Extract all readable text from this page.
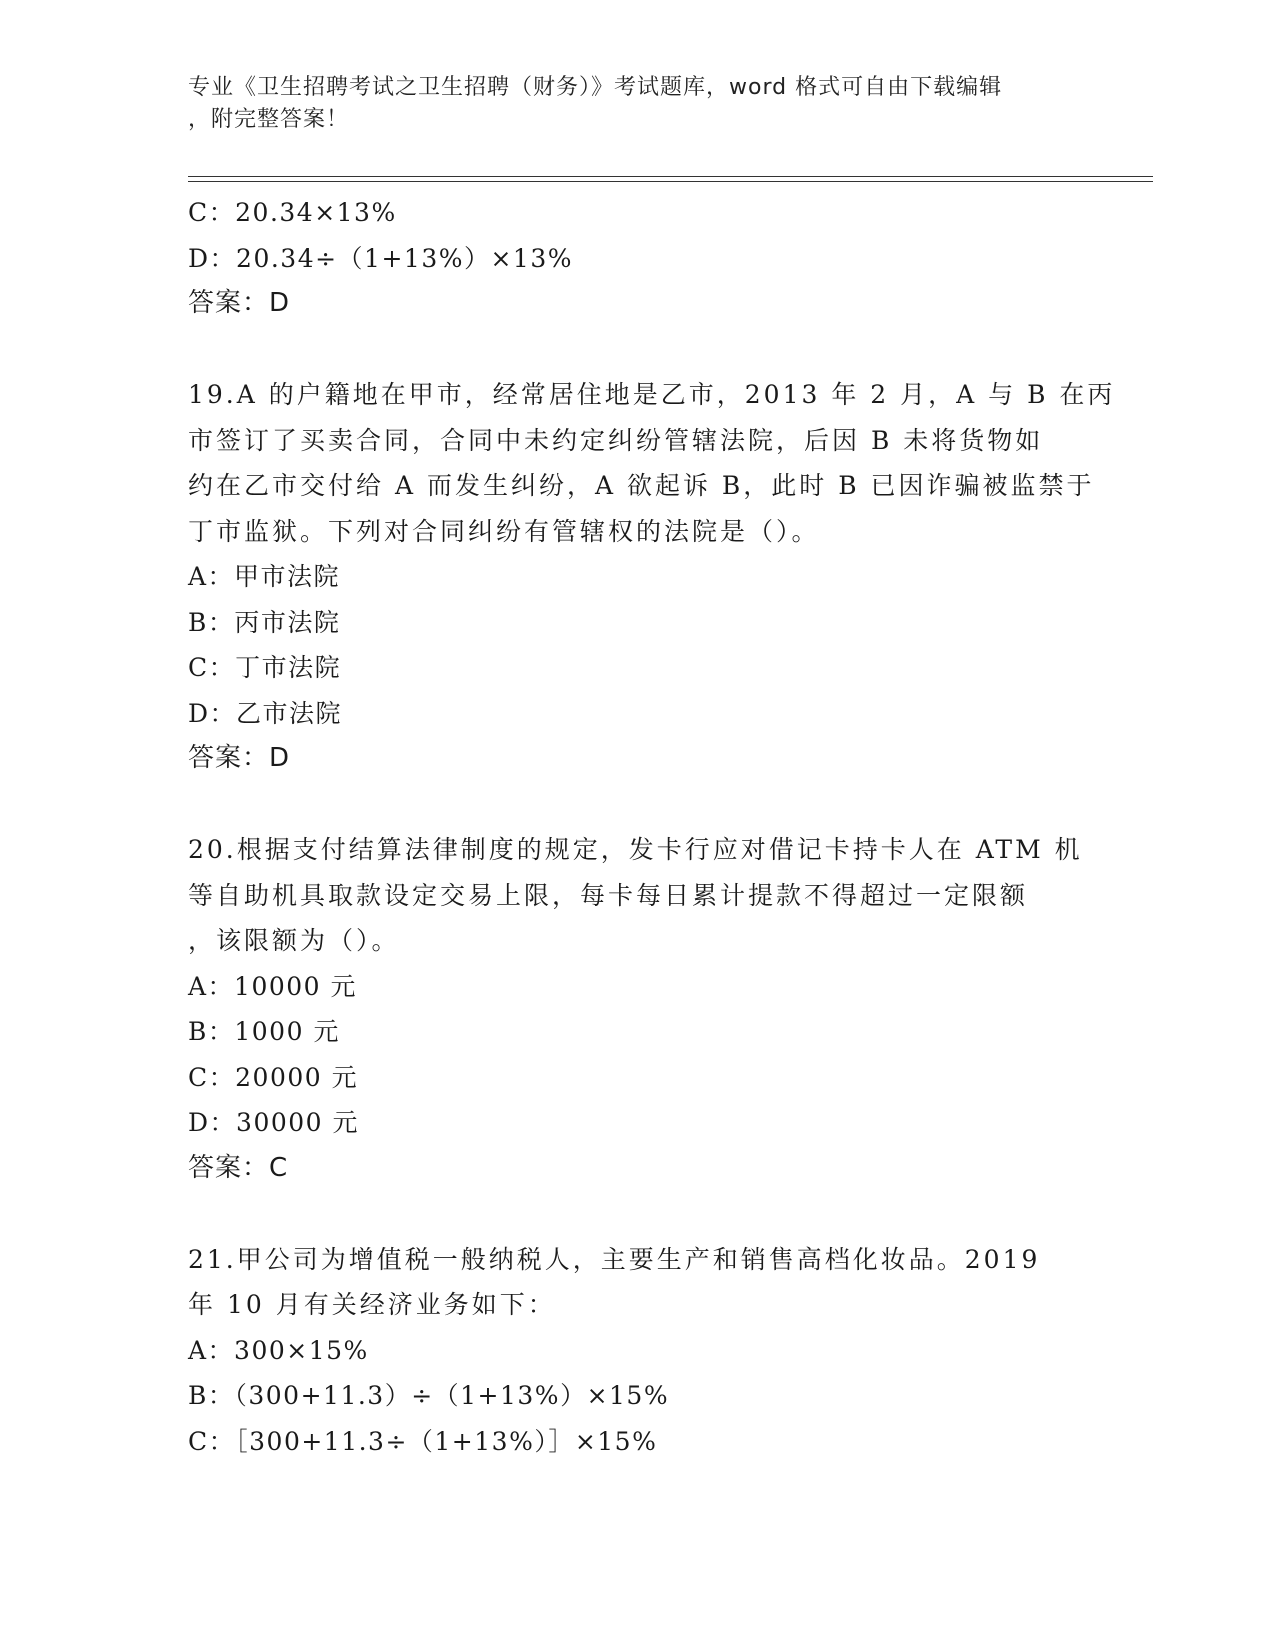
专业《卫生招聘考试之卫生招聘（财务）》考试题库，word 格式可自由下载编辑
，附完整答案！
C：20.34×13%
D：20.34÷（1+13%）×13%
答案：D
19.A 的户籍地在甲市，经常居住地是乙市，2013 年 2 月，A 与 B 在丙
市签订了买卖合同，合同中未约定纠纷管辖法院，后因 B 未将货物如
约在乙市交付给 A 而发生纠纷，A 欲起诉 B，此时 B 已因诈骗被监禁于
丁市监狱。下列对合同纠纷有管辖权的法院是（）。
A：甲市法院
B：丙市法院
C：丁市法院
D：乙市法院
答案：D
20.根据支付结算法律制度的规定，发卡行应对借记卡持卡人在 ATM 机
等自助机具取款设定交易上限，每卡每日累计提款不得超过一定限额
，该限额为（）。
A：10000 元
B：1000 元
C：20000 元
D：30000 元
答案：C
21.甲公司为增值税一般纳税人，主要生产和销售高档化妆品。2019
年 10 月有关经济业务如下：
A：300×15%
B：（300+11.3）÷（1+13%）×15%
C：［300+11.3÷（1+13%）］×15%
